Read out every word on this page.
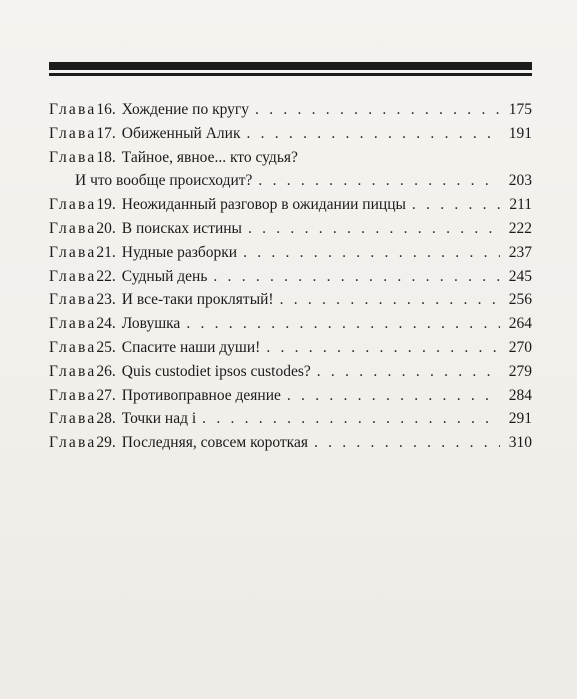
Глава 16. Хождение по кругу . . .	175
Глава 17. Обиженный Алик . . .	191
Глава 18. Тайное, явное... кто судья?
И что вообще происходит? . . .	203
Глава 19. Неожиданный разговор в ожидании пиццы . . .	211
Глава 20. В поисках истины . . .	222
Глава 21. Нудные разборки . . .	237
Глава 22. Судный день . . .	245
Глава 23. И все-таки проклятый! . . .	256
Глава 24. Ловушка . . .	264
Глава 25. Спасите наши души! . . .	270
Глава 26. Quis custodiet ipsos custodes? . . .	279
Глава 27. Противоправное деяние . . .	284
Глава 28. Точки над i . . .	291
Глава 29. Последняя, совсем короткая . . .	310
